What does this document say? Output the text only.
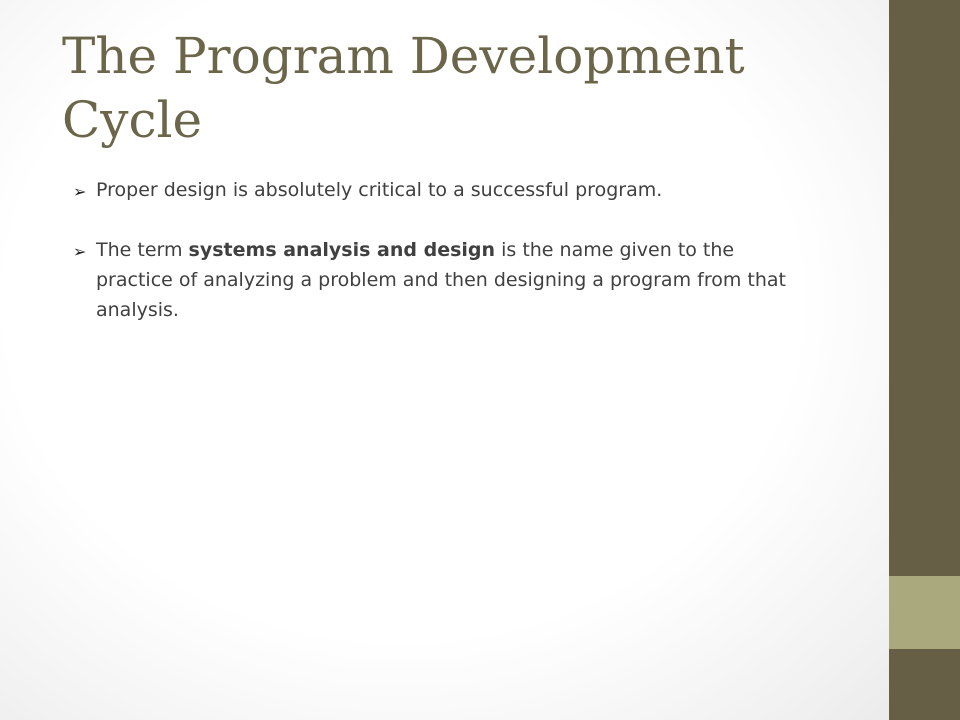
The Program Development Cycle
➢ Proper design is absolutely critical to a successful program.
➢ The term systems analysis and design is the name given to the practice of analyzing a problem and then designing a program from that analysis.
